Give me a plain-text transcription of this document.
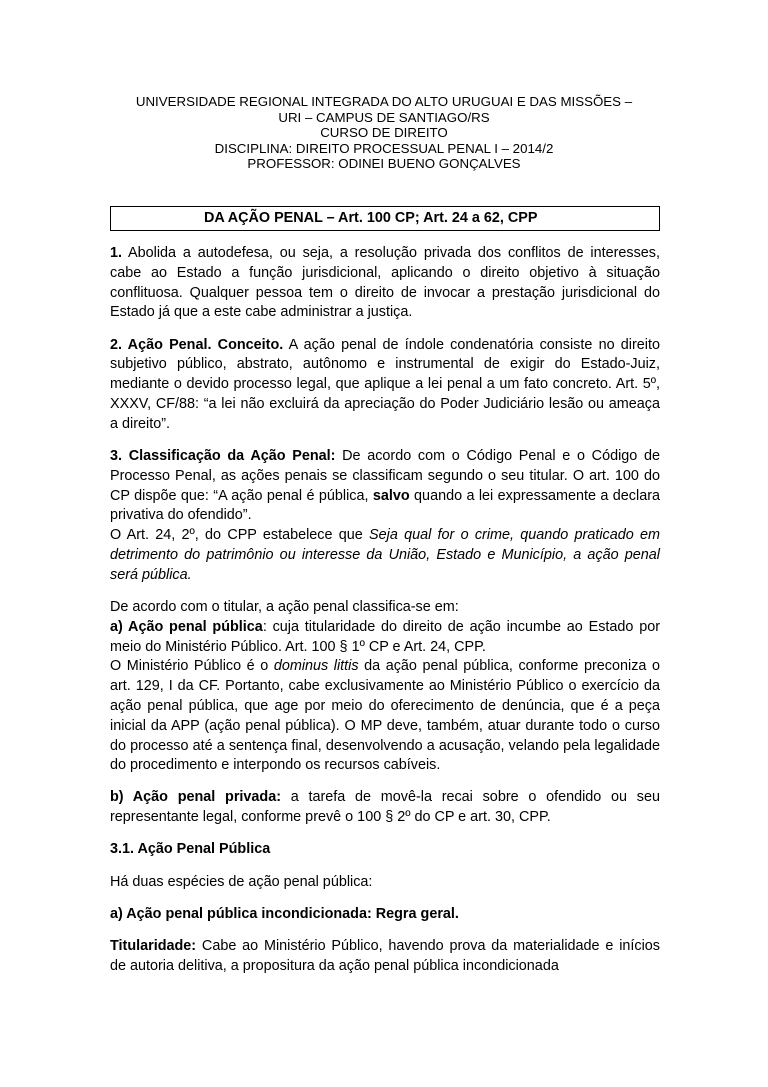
UNIVERSIDADE REGIONAL INTEGRADA DO ALTO URUGUAI E DAS MISSÕES –
URI – CAMPUS DE SANTIAGO/RS
CURSO DE DIREITO
DISCIPLINA: DIREITO PROCESSUAL PENAL I – 2014/2
PROFESSOR: ODINEI BUENO GONÇALVES
DA AÇÃO PENAL – Art. 100 CP; Art. 24 a 62, CPP

1. Abolida a autodefesa, ou seja, a resolução privada dos conflitos de interesses, cabe ao Estado a função jurisdicional, aplicando o direito objetivo à situação conflituosa. Qualquer pessoa tem o direito de invocar a prestação jurisdicional do Estado já que a este cabe administrar a justiça.

2. Ação Penal. Conceito. A ação penal de índole condenatória consiste no direito subjetivo público, abstrato, autônomo e instrumental de exigir do Estado-Juiz, mediante o devido processo legal, que aplique a lei penal a um fato concreto. Art. 5º, XXXV, CF/88: “a lei não excluirá da apreciação do Poder Judiciário lesão ou ameaça a direito”.

3. Classificação da Ação Penal: De acordo com o Código Penal e o Código de Processo Penal, as ações penais se classificam segundo o seu titular. O art. 100 do CP dispõe que: “A ação penal é pública, salvo quando a lei expressamente a declara privativa do ofendido”.

O Art. 24, 2º, do CPP estabelece que Seja qual for o crime, quando praticado em detrimento do patrimônio ou interesse da União, Estado e Município, a ação penal será pública.

De acordo com o titular, a ação penal classifica-se em:

a) Ação penal pública: cuja titularidade do direito de ação incumbe ao Estado por meio do Ministério Público. Art. 100 § 1º CP e Art. 24, CPP.

O Ministério Público é o dominus littis da ação penal pública, conforme preconiza o art. 129, I da CF. Portanto, cabe exclusivamente ao Ministério Público o exercício da ação penal pública, que age por meio do oferecimento de denúncia, que é a peça inicial da APP (ação penal pública). O MP deve, também, atuar durante todo o curso do processo até a sentença final, desenvolvendo a acusação, velando pela legalidade do procedimento e interpondo os recursos cabíveis.

b) Ação penal privada: a tarefa de movê-la recai sobre o ofendido ou seu representante legal, conforme prevê o 100 § 2º do CP e art. 30, CPP.

3.1. Ação Penal Pública

Há duas espécies de ação penal pública:

a) Ação penal pública incondicionada: Regra geral.

Titularidade: Cabe ao Ministério Público, havendo prova da materialidade e inícios de autoria delitiva, a propositura da ação penal pública incondicionada
